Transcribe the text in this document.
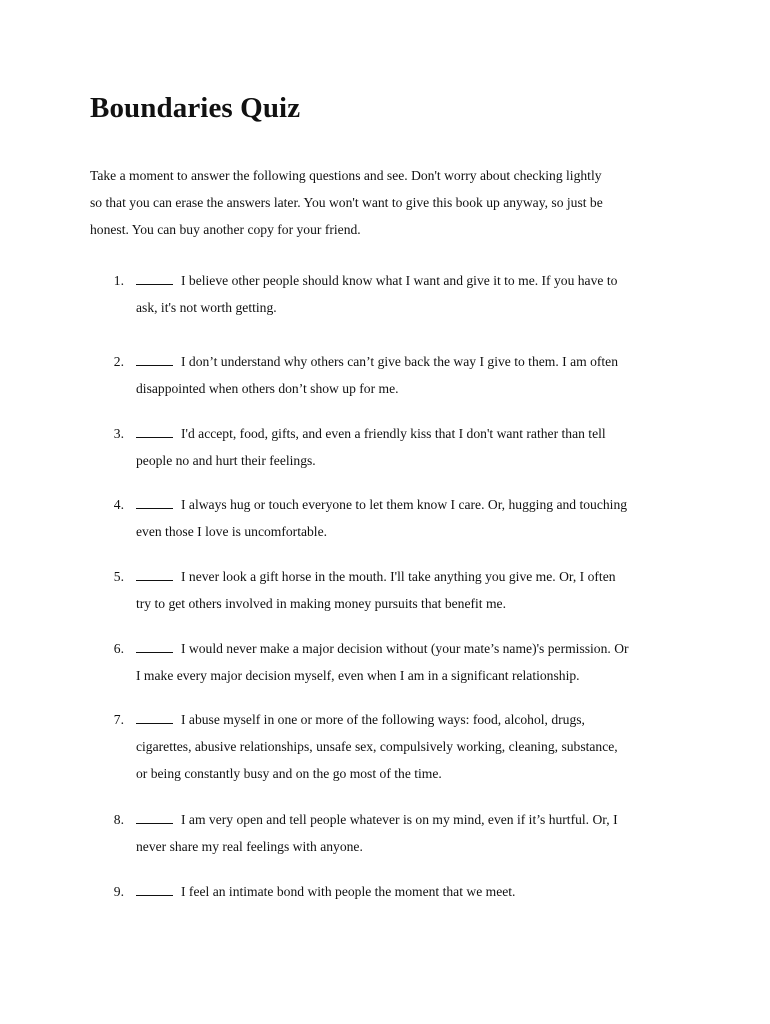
Boundaries Quiz

Take a moment to answer the following questions and see. Don't worry about checking lightly
so that you can erase the answers later. You won't want to give this book up anyway, so just be
honest. You can buy another copy for your friend.

1.	I believe other people should know what I want and give it to me. If you have to
ask, it's not worth getting.
2.	I don’t understand why others can’t give back the way I give to them. I am often
disappointed when others don’t show up for me.
3.	I'd accept, food, gifts, and even a friendly kiss that I don't want rather than tell
people no and hurt their feelings.
4.	I always hug or touch everyone to let them know I care. Or, hugging and touching
even those I love is uncomfortable.
5.	I never look a gift horse in the mouth. I'll take anything you give me. Or, I often
try to get others involved in making money pursuits that benefit me.
6.	I would never make a major decision without (your mate’s name)'s permission. Or
I make every major decision myself, even when I am in a significant relationship.
7.	I abuse myself in one or more of the following ways: food, alcohol, drugs,
cigarettes, abusive relationships, unsafe sex, compulsively working, cleaning, substance,
or being constantly busy and on the go most of the time.
8.	I am very open and tell people whatever is on my mind, even if it’s hurtful. Or, I
never share my real feelings with anyone.
9.	I feel an intimate bond with people the moment that we meet.
